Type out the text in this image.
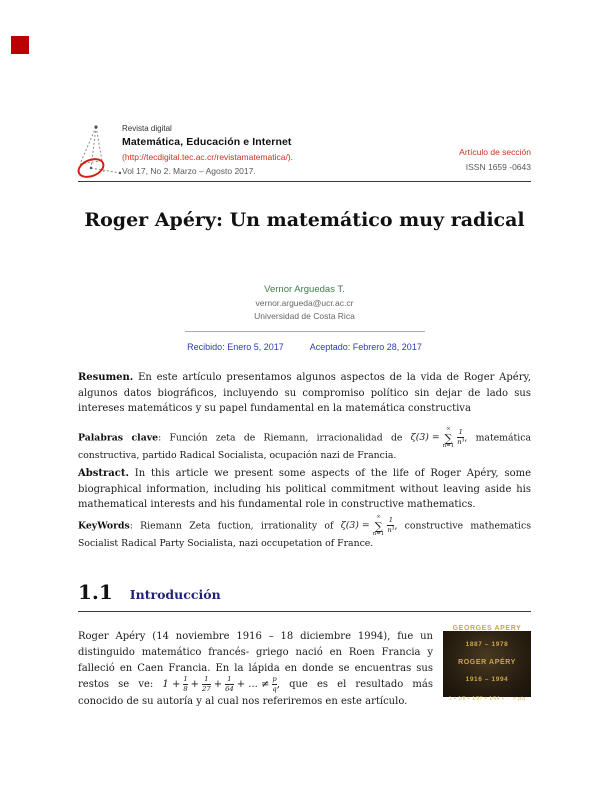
Revista digital
Matemática, Educación e Internet
(http://tecdigital.tec.ac.cr/revistamatematica/).
Vol 17, No 2. Marzo – Agosto 2017.
Artículo de sección
ISSN 1659 -0643
Roger Apéry: Un matemático muy radical
Vernor Arguedas T.
vernor.argueda@ucr.ac.cr
Universidad de Costa Rica
Recibido: Enero 5, 2017	Aceptado: Febrero 28, 2017

Resumen. En este artículo presentamos algunos aspectos de la vida de Roger Apéry, algunos datos biográficos, incluyendo su compromiso político sin dejar de lado sus intereses matemáticos y su papel fundamental en la matemática constructiva

Palabras clave: Función zeta de Riemann, irracionalidad de ζ(3) =
∞
∑
n=1
1
n³ , matemática constructiva, partido Radical Socialista, ocupación nazi de Francia.

Abstract. In this article we present some aspects of the life of Roger Apéry, some biographical information, including his political commitment without leaving aside his mathematical interests and his fundamental role in constructive mathematics.

KeyWords: Riemann Zeta fuction, irrationality of ζ(3) =
∞
∑
n=1
1
n³ , constructive mathematics Socialist Radical Party Socialista, nazi occupetation of France.

1.1 Introducción

GEORGES APERY
1887 – 1978
ROGER APÉRY
1916 – 1994
1 + 1⁄8 + 1⁄27 + 1⁄64 + ⋯ ≠ p⁄q
Roger Apéry (14 noviembre 1916 – 18 diciembre 1994), fue un distinguido matemático francés- griego nació en Roen Francia y falleció en Caen Francia. En la lápida en donde se encuentras sus restos se ve: $1 + \frac{1}{8} + \frac{1}{27} + \frac{1}{64}$ + ... ≠ p
q , que es el resultado más conocido de su autoría y al cual nos referiremos en este artículo.
